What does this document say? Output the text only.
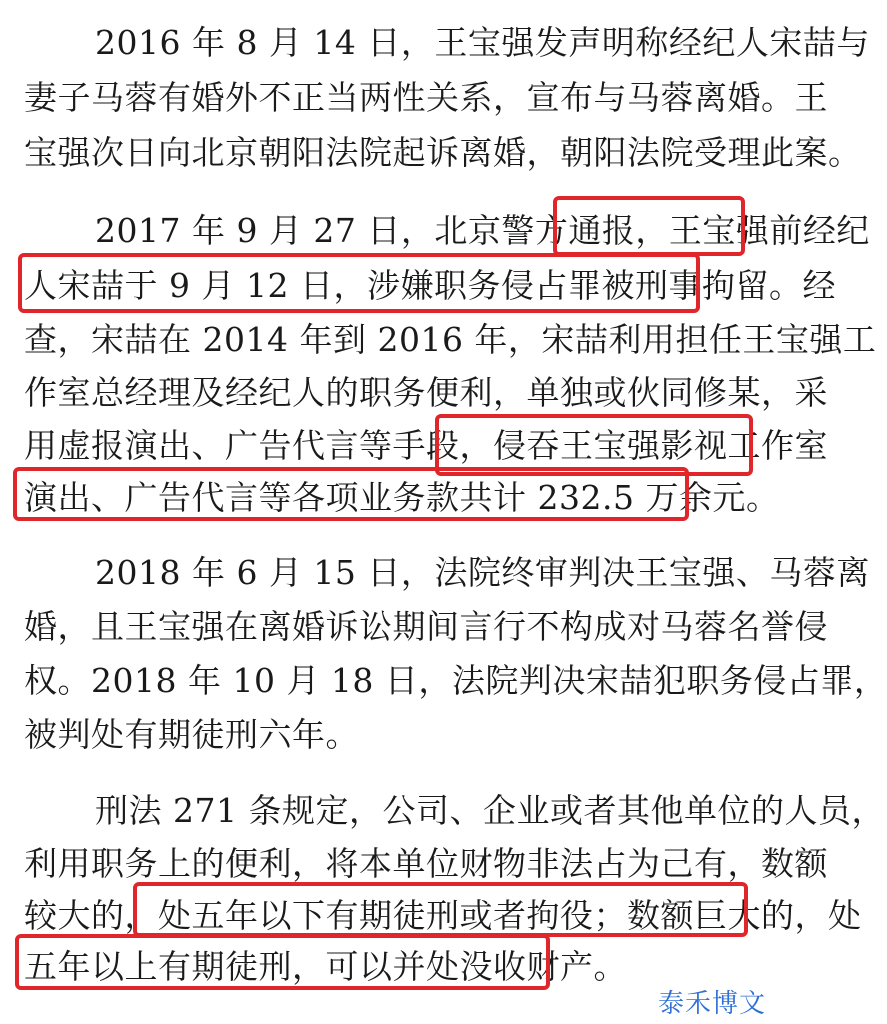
2016 年 8 月 14 日，王宝强发声明称经纪人宋喆与
妻子马蓉有婚外不正当两性关系，宣布与马蓉离婚。王
宝强次日向北京朝阳法院起诉离婚，朝阳法院受理此案。
2017 年 9 月 27 日，北京警方通报，王宝强前经纪
人宋喆于 9 月 12 日，涉嫌职务侵占罪被刑事拘留。经
查，宋喆在 2014 年到 2016 年，宋喆利用担任王宝强工
作室总经理及经纪人的职务便利，单独或伙同修某，采
用虚报演出、广告代言等手段，侵吞王宝强影视工作室
演出、广告代言等各项业务款共计 232.5 万余元。
2018 年 6 月 15 日，法院终审判决王宝强、马蓉离
婚，且王宝强在离婚诉讼期间言行不构成对马蓉名誉侵
权。2018 年 10 月 18 日，法院判决宋喆犯职务侵占罪，
被判处有期徒刑六年。
刑法 271 条规定，公司、企业或者其他单位的人员，
利用职务上的便利，将本单位财物非法占为己有，数额
较大的，处五年以下有期徒刑或者拘役；数额巨大的，处
五年以上有期徒刑，可以并处没收财产。
泰禾博文
